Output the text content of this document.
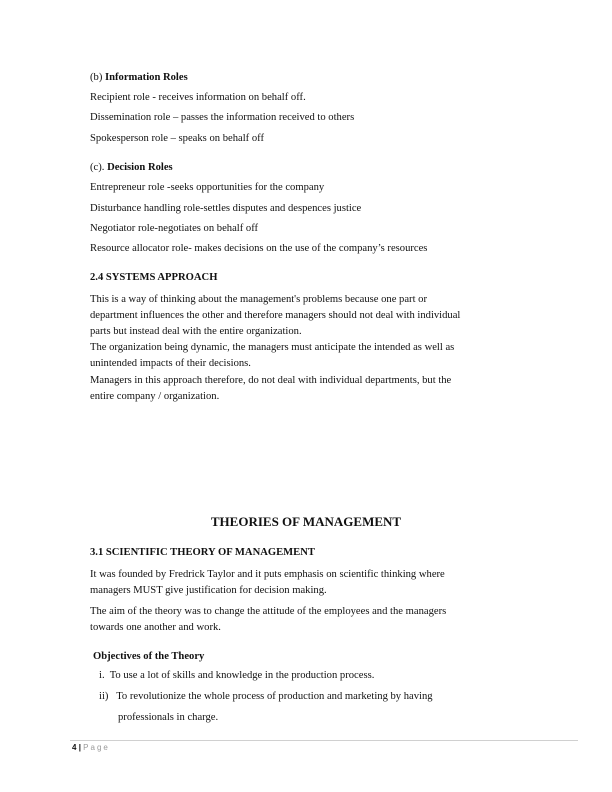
(b) Information Roles
Recipient role - receives information on behalf off.
Dissemination role – passes the information received to others
Spokesperson role – speaks on behalf off
(c). Decision Roles
Entrepreneur role -seeks opportunities for the company
Disturbance handling role-settles disputes and despences justice
Negotiator role-negotiates on behalf off
Resource allocator role- makes decisions on the use of the company’s resources
2.4 SYSTEMS APPROACH
This is a way of thinking about the management's problems because one part or
department influences the other and therefore managers should not deal with individual
parts but instead deal with the entire organization.
The organization being dynamic, the managers must anticipate the intended as well as
unintended impacts of their decisions.
Managers in this approach therefore, do not deal with individual departments, but the
entire company / organization.
THEORIES OF MANAGEMENT
3.1 SCIENTIFIC THEORY OF MANAGEMENT
It was founded by Fredrick Taylor and it puts emphasis on scientific thinking where
managers MUST give justification for decision making.
The aim of the theory was to change the attitude of the employees and the managers
towards one another and work.
Objectives of the Theory
i. To use a lot of skills and knowledge in the production process.
ii) To revolutionize the whole process of production and marketing by having
professionals in charge.
4 | Page
